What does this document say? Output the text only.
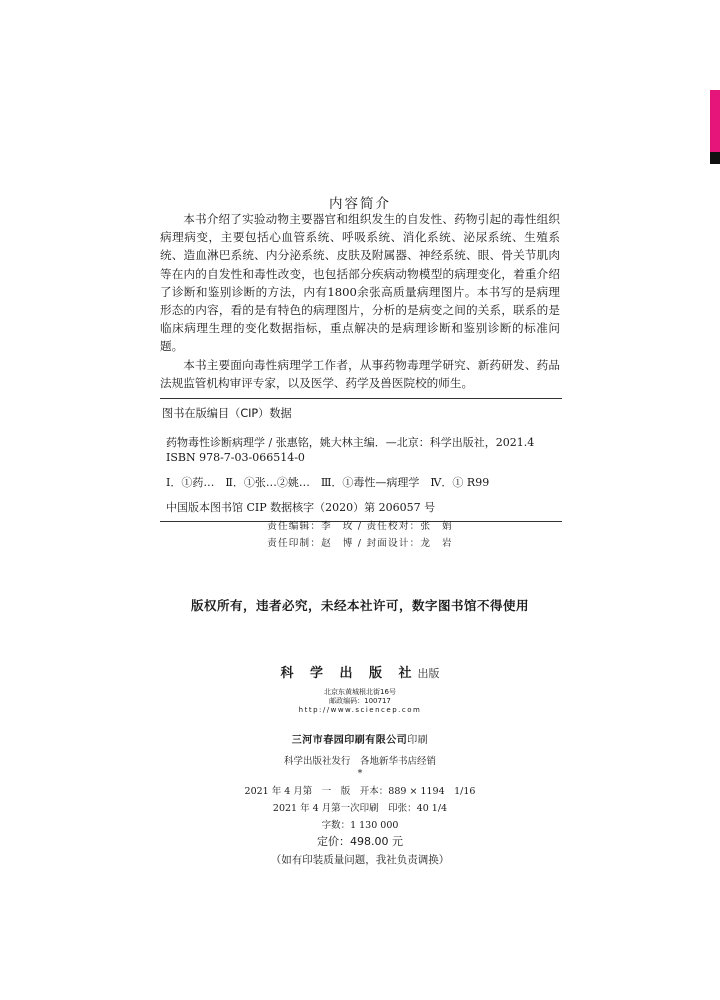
内容简介

本书介绍了实验动物主要器官和组织发生的自发性、药物引起的毒性组织病理病变，主要包括心血管系统、呼吸系统、消化系统、泌尿系统、生殖系统、造血淋巴系统、内分泌系统、皮肤及附属器、神经系统、眼、骨关节肌肉等在内的自发性和毒性改变，也包括部分疾病动物模型的病理变化，着重介绍了诊断和鉴别诊断的方法，内有1800余张高质量病理图片。本书写的是病理形态的内容，看的是有特色的病理图片，分析的是病变之间的关系，联系的是临床病理生理的变化数据指标，重点解决的是病理诊断和鉴别诊断的标准问题。

本书主要面向毒性病理学工作者，从事药物毒理学研究、新药研发、药品法规监管机构审评专家，以及医学、药学及兽医院校的师生。

图书在版编目（CIP）数据
药物毒性诊断病理学 / 张惠铭，姚大林主编．—北京：科学出版社，2021.4
ISBN 978-7-03-066514-0
Ⅰ．①药…　Ⅱ．①张…②姚…　Ⅲ．①毒性—病理学　Ⅳ．① R99
中国版本图书馆 CIP 数据核字（2020）第 206057 号
责任编辑：李　玫 / 责任校对：张　娟
责任印制：赵　博 / 封面设计：龙　岩
版权所有，违者必究，未经本社许可，数字图书馆不得使用
科 学 出 版 社出版
北京东黄城根北街16号
邮政编码：100717
http://www.sciencep.com
三河市春园印刷有限公司印刷
科学出版社发行　各地新华书店经销
*
2021 年 4 月第　一　版　开本：889 × 1194　1/16
2021 年 4 月第一次印刷　印张：40 1/4
字数：1 130 000
定价：498.00 元
（如有印装质量问题，我社负责调换）
